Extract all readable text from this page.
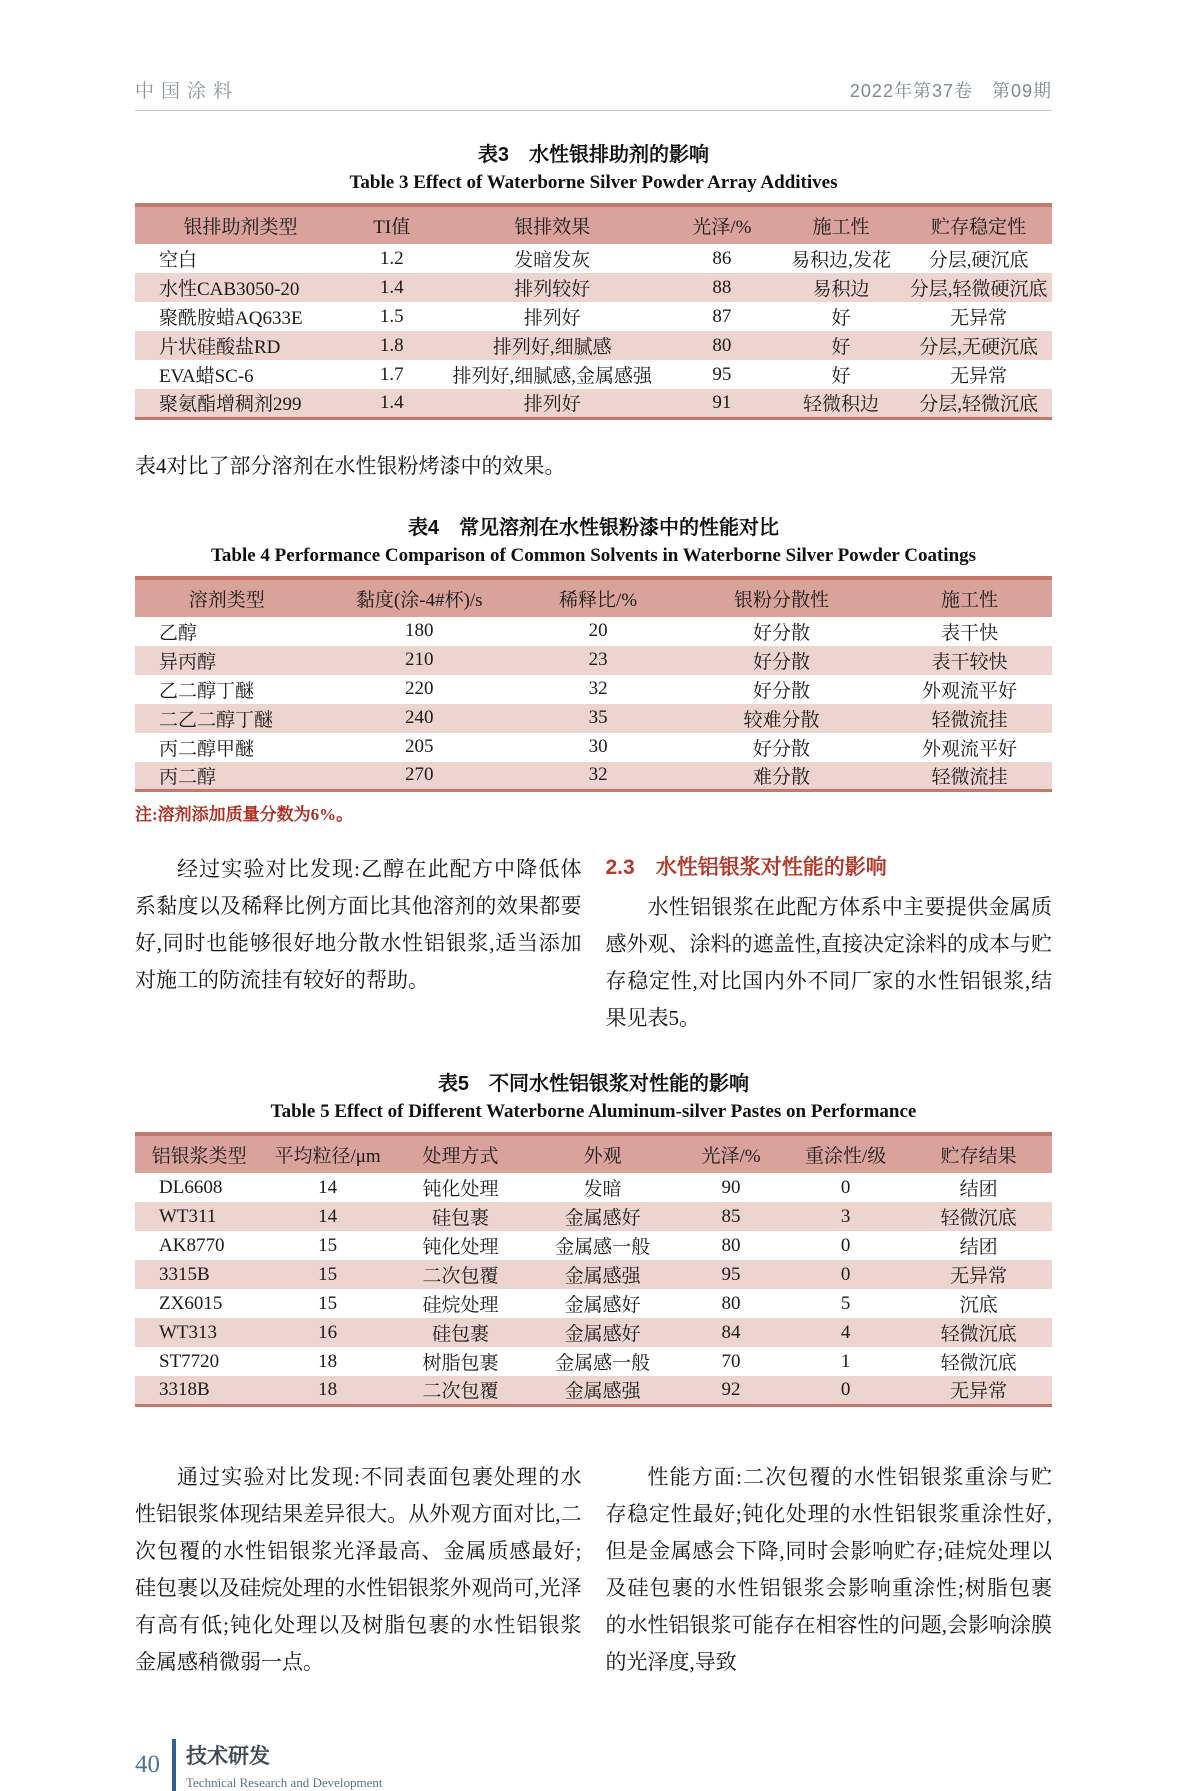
中国涂料	2022年第37卷　第09期
表3　水性银排助剂的影响
Table 3 Effect of Waterborne Silver Powder Array Additives
银排助剂类型	TI值	银排效果	光泽/%	施工性	贮存稳定性
空白	1.2	发暗发灰	86	易积边,发花	分层,硬沉底
水性CAB3050-20	1.4	排列较好	88	易积边	分层,轻微硬沉底
聚酰胺蜡AQ633E	1.5	排列好	87	好	无异常
片状硅酸盐RD	1.8	排列好,细腻感	80	好	分层,无硬沉底
EVA蜡SC-6	1.7	排列好,细腻感,金属感强	95	好	无异常
聚氨酯增稠剂299	1.4	排列好	91	轻微积边	分层,轻微沉底

表4对比了部分溶剂在水性银粉烤漆中的效果。

表4　常见溶剂在水性银粉漆中的性能对比
Table 4 Performance Comparison of Common Solvents in Waterborne Silver Powder Coatings
溶剂类型	黏度(涂-4#杯)/s	稀释比/%	银粉分散性	施工性
乙醇	180	20	好分散	表干快
异丙醇	210	23	好分散	表干较快
乙二醇丁醚	220	32	好分散	外观流平好
二乙二醇丁醚	240	35	较难分散	轻微流挂
丙二醇甲醚	205	30	好分散	外观流平好
丙二醇	270	32	难分散	轻微流挂
注:溶剂添加质量分数为6%。

经过实验对比发现:乙醇在此配方中降低体系黏度以及稀释比例方面比其他溶剂的效果都要好,同时也能够很好地分散水性铝银浆,适当添加对施工的防流挂有较好的帮助。

2.3　水性铝银浆对性能的影响

水性铝银浆在此配方体系中主要提供金属质感外观、涂料的遮盖性,直接决定涂料的成本与贮存稳定性,对比国内外不同厂家的水性铝银浆,结果见表5。

表5　不同水性铝银浆对性能的影响
Table 5 Effect of Different Waterborne Aluminum-silver Pastes on Performance
铝银浆类型	平均粒径/μm	处理方式	外观	光泽/%	重涂性/级	贮存结果
DL6608	14	钝化处理	发暗	90	0	结团
WT311	14	硅包裹	金属感好	85	3	轻微沉底
AK8770	15	钝化处理	金属感一般	80	0	结团
3315B	15	二次包覆	金属感强	95	0	无异常
ZX6015	15	硅烷处理	金属感好	80	5	沉底
WT313	16	硅包裹	金属感好	84	4	轻微沉底
ST7720	18	树脂包裹	金属感一般	70	1	轻微沉底
3318B	18	二次包覆	金属感强	92	0	无异常

通过实验对比发现:不同表面包裹处理的水性铝银浆体现结果差异很大。从外观方面对比,二次包覆的水性铝银浆光泽最高、金属质感最好;硅包裹以及硅烷处理的水性铝银浆外观尚可,光泽有高有低;钝化处理以及树脂包裹的水性铝银浆金属感稍微弱一点。

性能方面:二次包覆的水性铝银浆重涂与贮存稳定性最好;钝化处理的水性铝银浆重涂性好,但是金属感会下降,同时会影响贮存;硅烷处理以及硅包裹的水性铝银浆会影响重涂性;树脂包裹的水性铝银浆可能存在相容性的问题,会影响涂膜的光泽度,导致

40 技术研发
Technical Research and Development
